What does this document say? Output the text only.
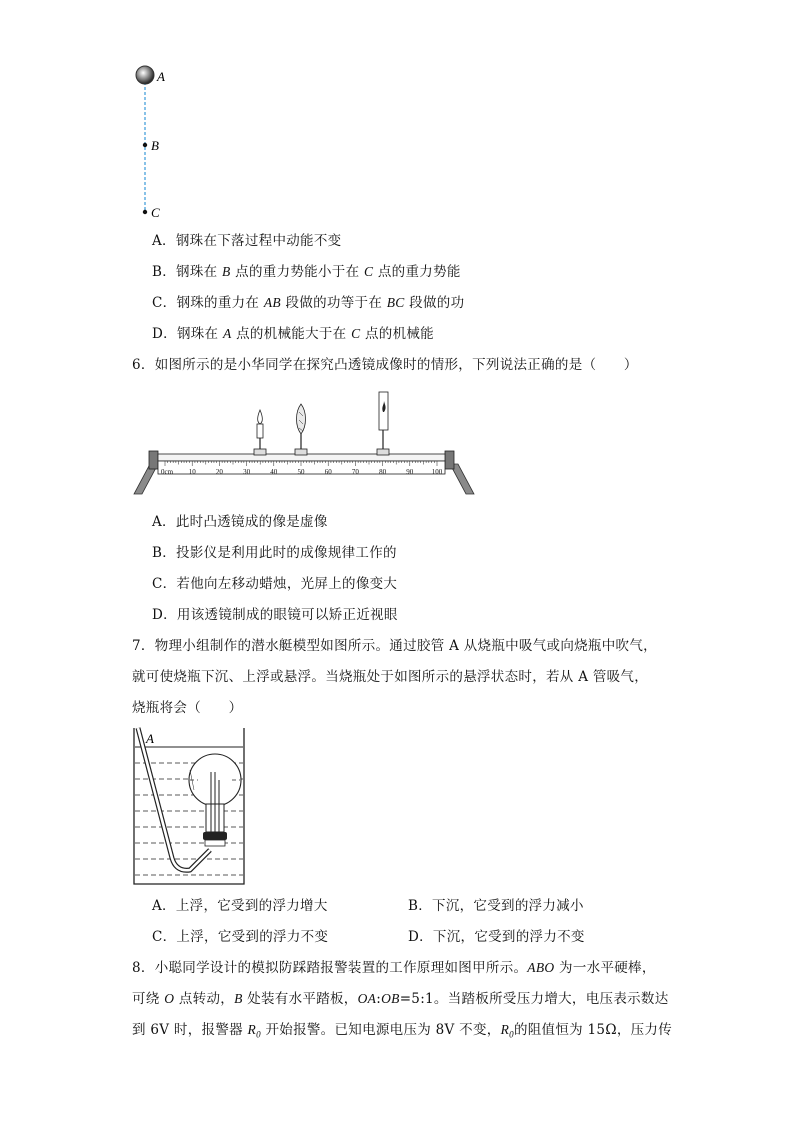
A
B
C
A．钢珠在下落过程中动能不变
B．钢珠在 B 点的重力势能小于在 C 点的重力势能
C．钢珠的重力在 AB 段做的功等于在 BC 段做的功
D．钢珠在 A 点的机械能大于在 C 点的机械能
6．如图所示的是小华同学在探究凸透镜成像时的情形，下列说法正确的是（　　）
10	20	30	40	50	60	70	80	90	100
0cm
A．此时凸透镜成的像是虚像
B．投影仪是利用此时的成像规律工作的
C．若他向左移动蜡烛，光屏上的像变大
D．用该透镜制成的眼镜可以矫正近视眼
7．物理小组制作的潜水艇模型如图所示。通过胶管 A 从烧瓶中吸气或向烧瓶中吹气，
就可使烧瓶下沉、上浮或悬浮。当烧瓶处于如图所示的悬浮状态时，若从 A 管吸气，
烧瓶将会（　　）
A
A．上浮，它受到的浮力增大	B．下沉，它受到的浮力减小
C．上浮，它受到的浮力不变	D．下沉，它受到的浮力不变
8．小聪同学设计的模拟防踩踏报警装置的工作原理如图甲所示。ABO 为一水平硬棒，
可绕 O 点转动，B 处装有水平踏板，OA:OB=5:1。当踏板所受压力增大，电压表示数达
到 6V 时，报警器 $R_0$ 开始报警。已知电源电压为 8V 不变，$R_0$的阻值恒为 15Ω，压力传
